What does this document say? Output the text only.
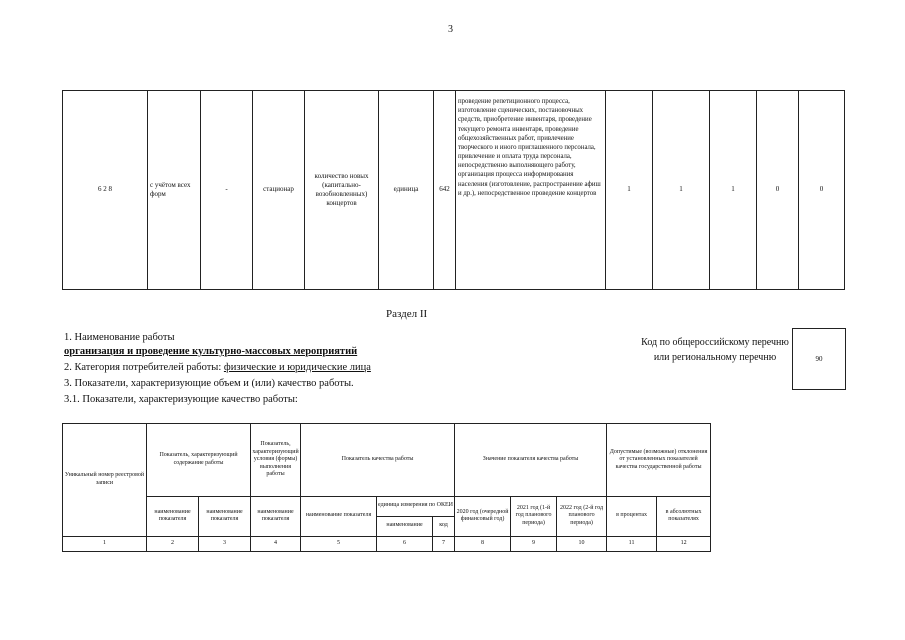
3
6 2 8	с учётом всех форм	-	стационар	количество новых (капитально-возобновленных) концертов	единица	642	проведение репетиционного процесса, изготовление сценических, постановочных средств, приобретение инвентаря, проведение текущего ремонта инвентаря, проведение общехозяйственных работ, привлечение творческого и иного приглашенного персонала, привлечение и оплата труда персонала, непосредственно выполняющего работу, организация процесса информирования населения (изготовление, распространение афиш и др.), непосредственное проведение концертов	1	1	1	0	0
Раздел II
1. Наименование работы
организация и проведение культурно-массовых мероприятий
2. Категория потребителей работы: физические и юридические лица
3. Показатели, характеризующие объем и (или) качество работы.
3.1. Показатели, характеризующие качество работы:
Код по общероссийскому перечню или региональному перечню	90
Уникальный номер реестровой записи	Показатель, характеризующий содержание работы		Показатель, характеризующий условия (формы) выполнения работы	Показатель качества работы			Значение показателя качества работы			Допустимые (возможные) отклонения от установленных показателей качества государственной работы	
	наименование показателя	наименование показателя	наименование показателя	наименование показателя	единица измерения по ОКЕИ		2020 год (очередной финансовый год)	2021 год (1-й год планового периода)	2022 год (2-й год планового периода)	в процентах	в абсолютных показателях
					наименование	код					
1	2	3	4	5	6	7	8	9	10	11	12
